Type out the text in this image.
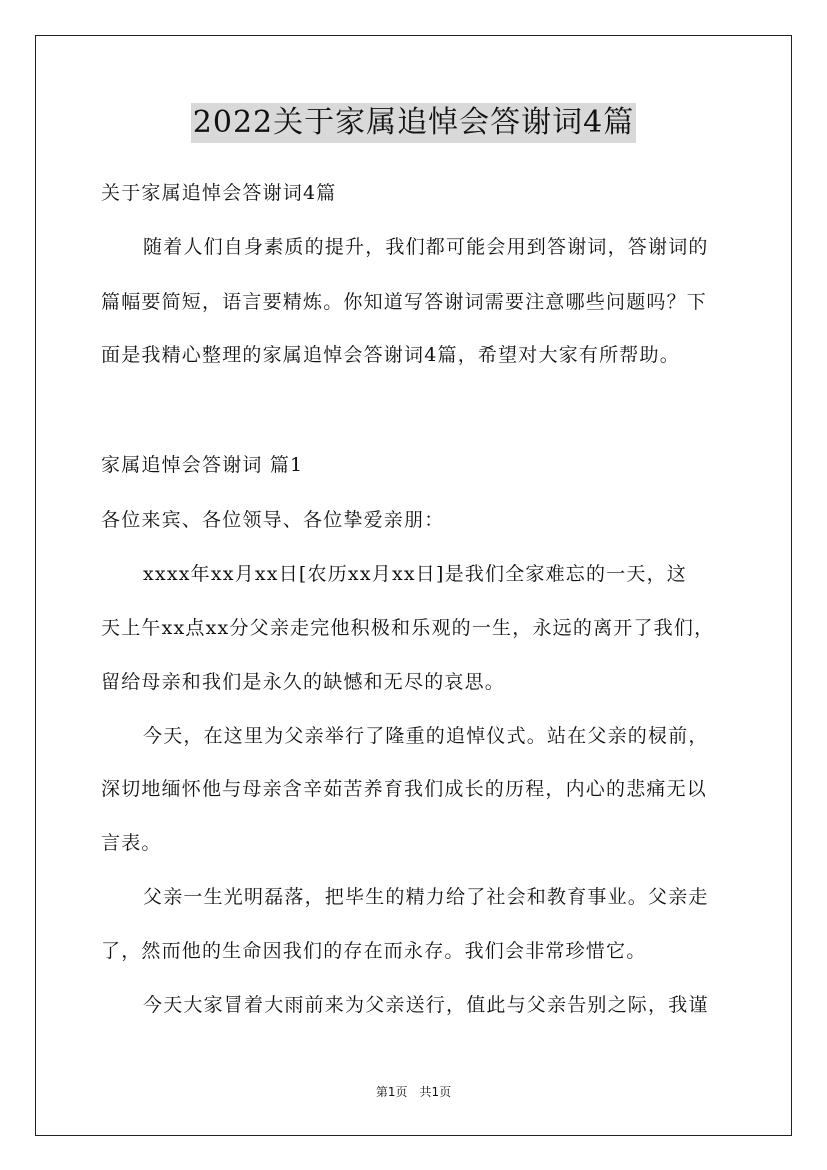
2022关于家属追悼会答谢词4篇
关于家属追悼会答谢词4篇
随着人们自身素质的提升，我们都可能会用到答谢词，答谢词的
篇幅要简短，语言要精炼。你知道写答谢词需要注意哪些问题吗？下
面是我精心整理的家属追悼会答谢词4篇，希望对大家有所帮助。
家属追悼会答谢词 篇1
各位来宾、各位领导、各位挚爱亲朋：
xxxx年xx月xx日[农历xx月xx日]是我们全家难忘的一天，这
天上午xx点xx分父亲走完他积极和乐观的一生，永远的离开了我们，
留给母亲和我们是永久的缺憾和无尽的哀思。
今天，在这里为父亲举行了隆重的追悼仪式。站在父亲的棂前，
深切地缅怀他与母亲含辛茹苦养育我们成长的历程，内心的悲痛无以
言表。
父亲一生光明磊落，把毕生的精力给了社会和教育事业。父亲走
了，然而他的生命因我们的存在而永存。我们会非常珍惜它。
今天大家冒着大雨前来为父亲送行，值此与父亲告别之际，我谨
第1页　共1页
